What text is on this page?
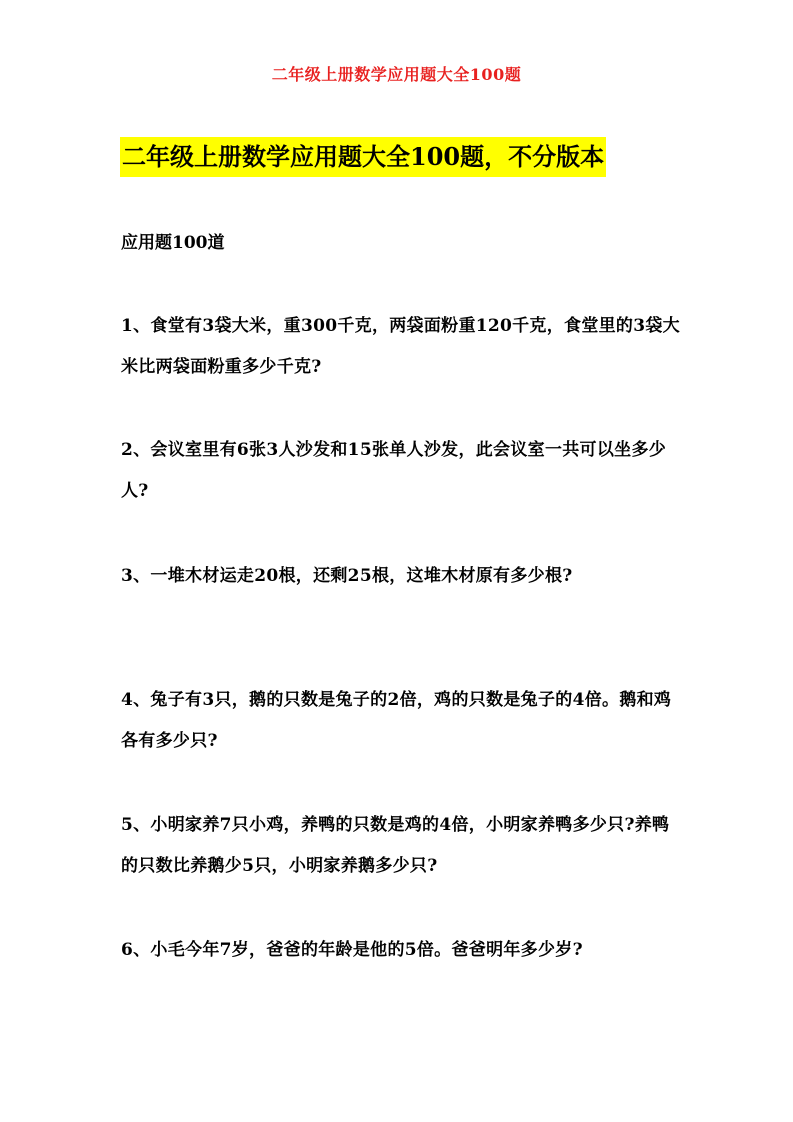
二年级上册数学应用题大全100题
二年级上册数学应用题大全100题，不分版本

应用题100道

1、食堂有3袋大米，重300千克，两袋面粉重120千克，食堂里的3袋大米比两袋面粉重多少千克?

2、会议室里有6张3人沙发和15张单人沙发，此会议室一共可以坐多少人?

3、一堆木材运走20根，还剩25根，这堆木材原有多少根?

4、兔子有3只，鹅的只数是兔子的2倍，鸡的只数是兔子的4倍。鹅和鸡各有多少只?

5、小明家养7只小鸡，养鸭的只数是鸡的4倍，小明家养鸭多少只?养鸭的只数比养鹅少5只，小明家养鹅多少只?

6、小毛今年7岁，爸爸的年龄是他的5倍。爸爸明年多少岁?
